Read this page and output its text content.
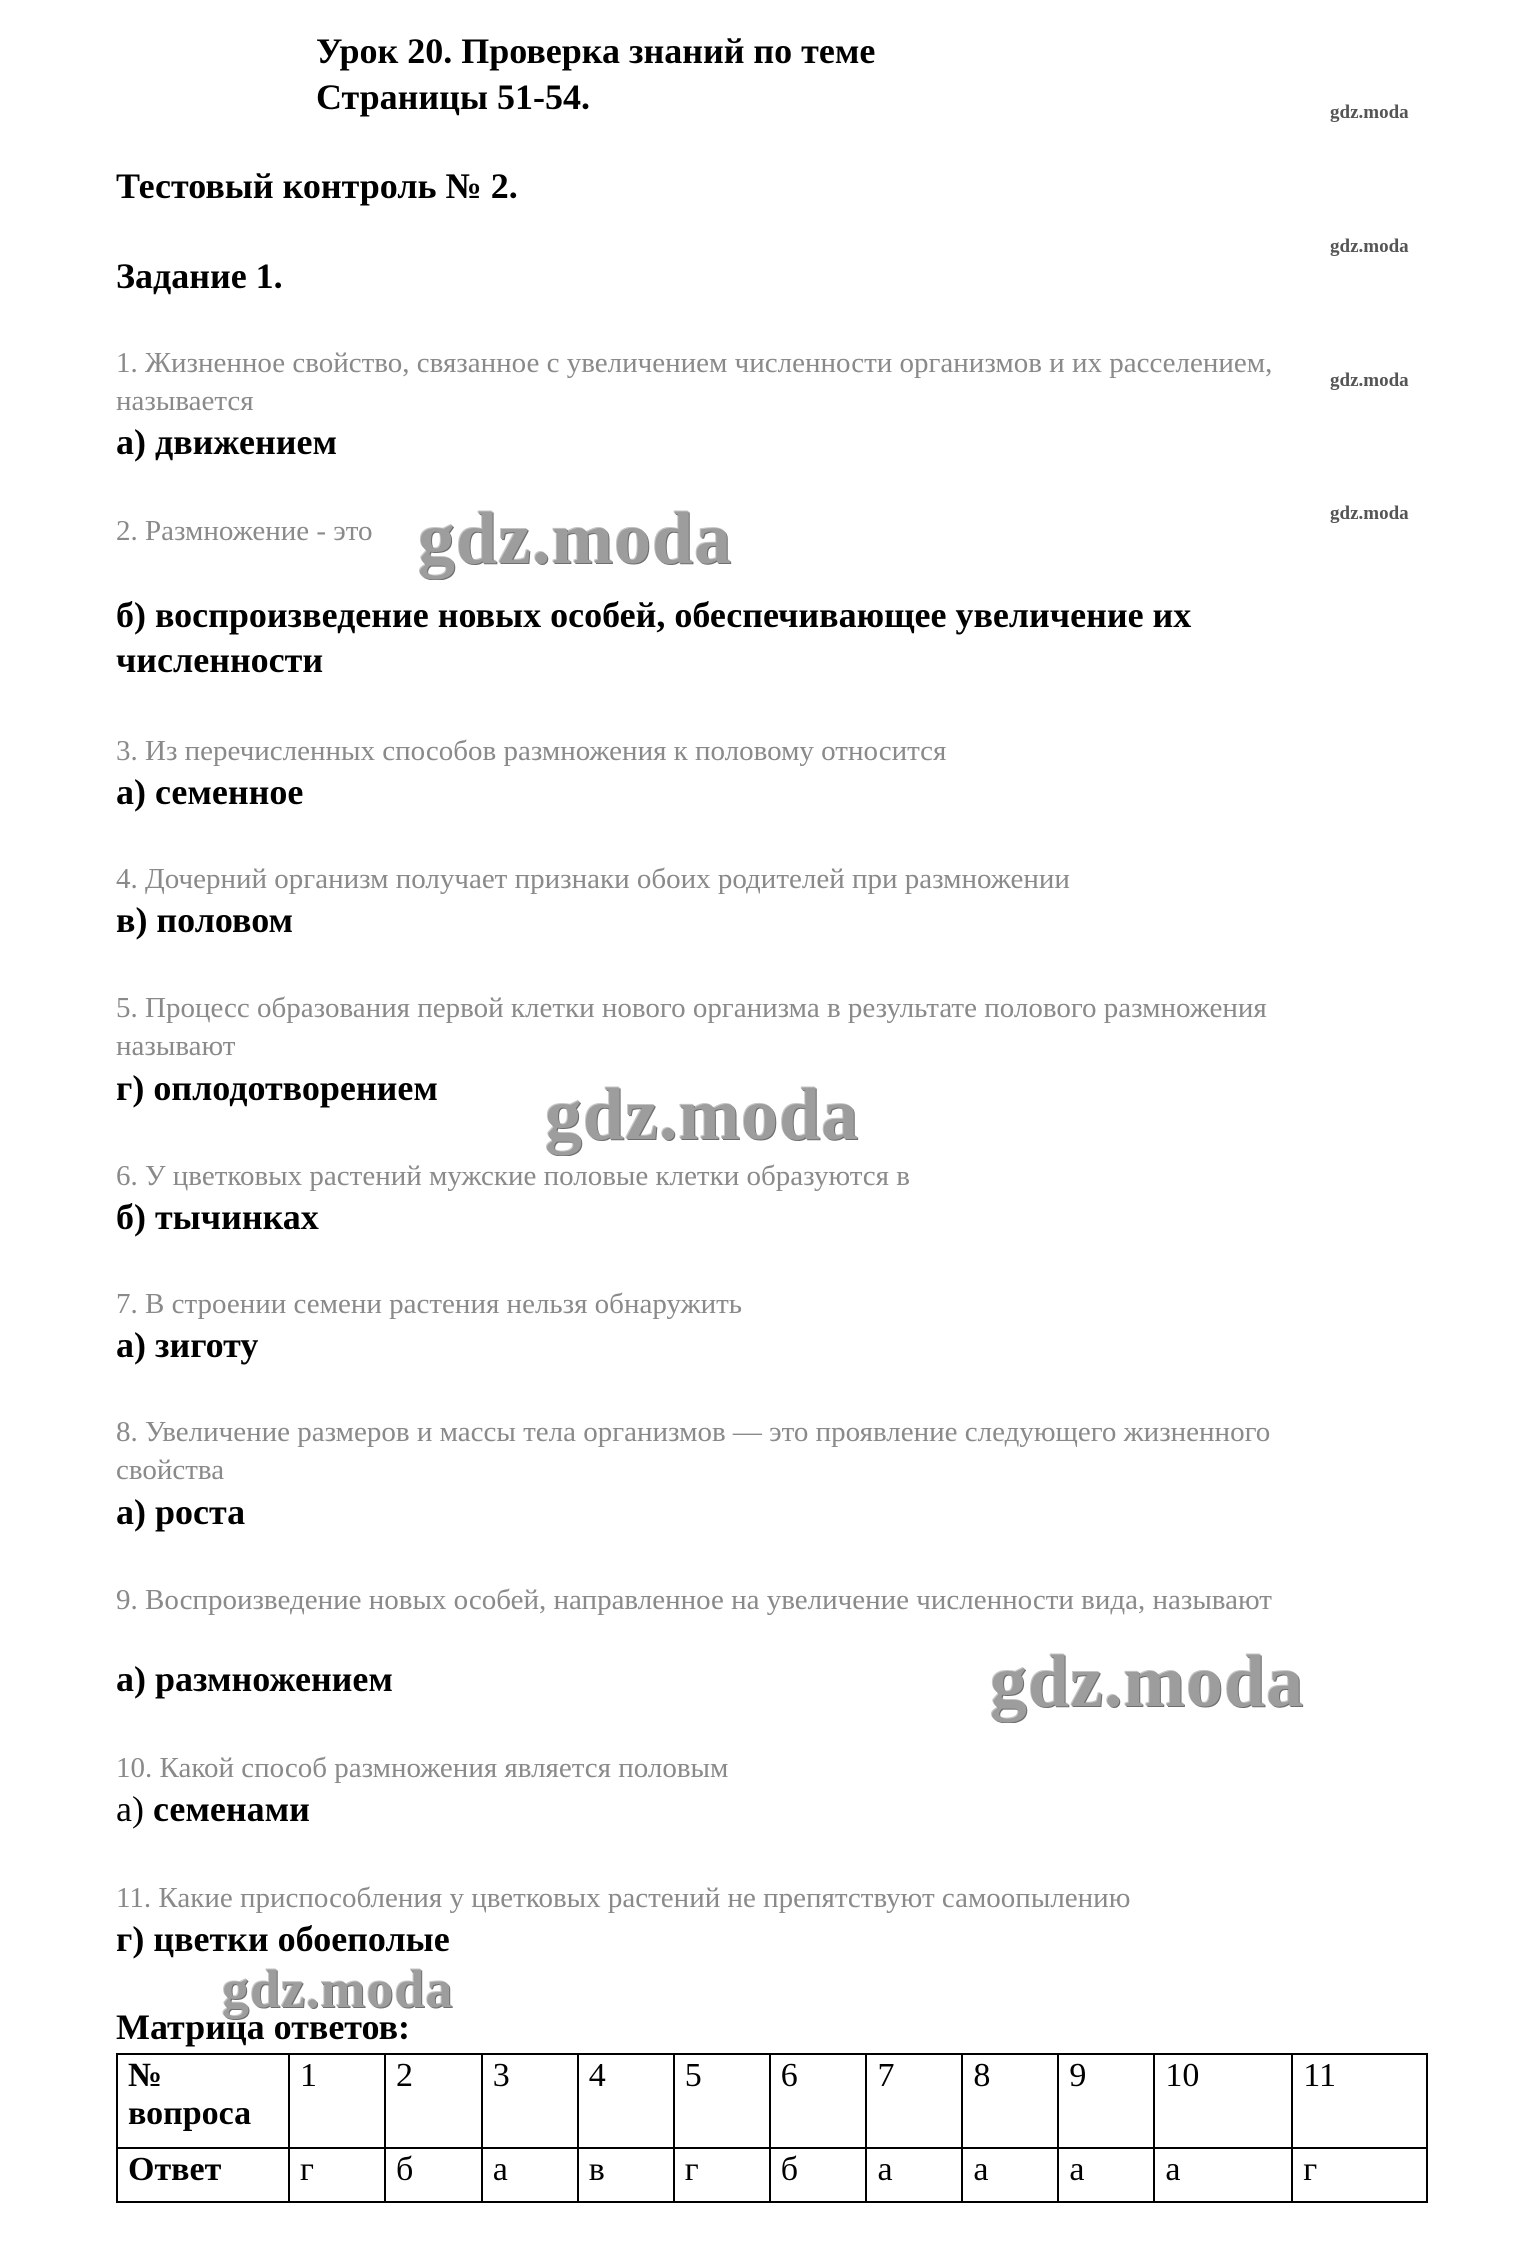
Урок 20. Проверка знаний по теме
Страницы 51-54.
Тестовый контроль № 2.
Задание 1.
1. Жизненное свойство, связанное с увеличением численности организмов и их расселением, называется
а) движением
2. Размножение - это
б) воспроизведение новых особей, обеспечивающее увеличение их численности
3. Из перечисленных способов размножения к половому относится
а) семенное
4. Дочерний организм получает признаки обоих родителей при размножении
в) половом
5. Процесс образования первой клетки нового организма в результате полового размножения называют
г) оплодотворением
6. У цветковых растений мужские половые клетки образуются в
б) тычинках
7. В строении семени растения нельзя обнаружить
а) зиготу
8. Увеличение размеров и массы тела организмов — это проявление следующего жизненного свойства
а) роста
9. Воспроизведение новых особей, направленное на увеличение численности вида, называют
а) размножением
10. Какой способ размножения является половым
а) семенами
11. Какие приспособления у цветковых растений не препятствуют самоопылению
г) цветки обоеполые
Матрица ответов:
№ вопроса	1	2	3	4	5	6	7	8	9	10	11
Ответ	г	б	а	в	г	б	а	а	а	а	г
gdz.moda
gdz.moda
gdz.moda
gdz.moda
gdz.moda
gdz.moda
gdz.moda
gdz.moda
